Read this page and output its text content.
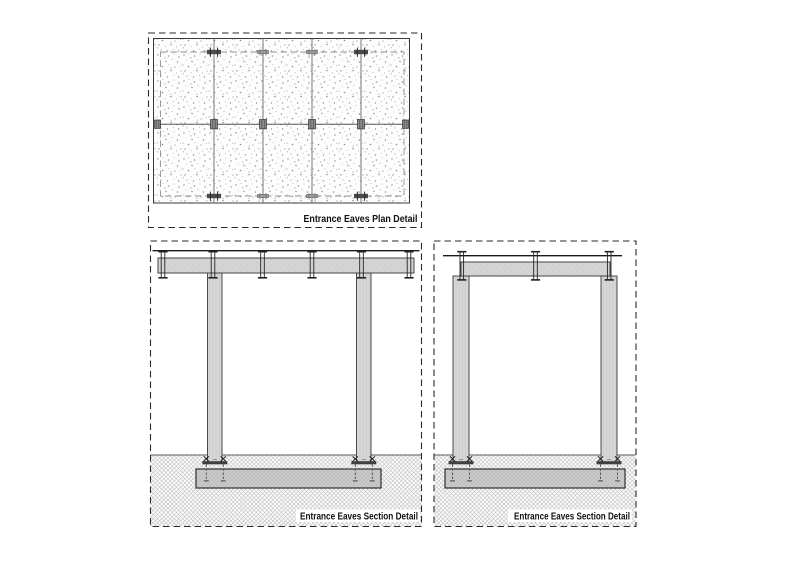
Entrance Eaves Plan Detail
Entrance Eaves Section Detail	Entrance Eaves Section Detail
